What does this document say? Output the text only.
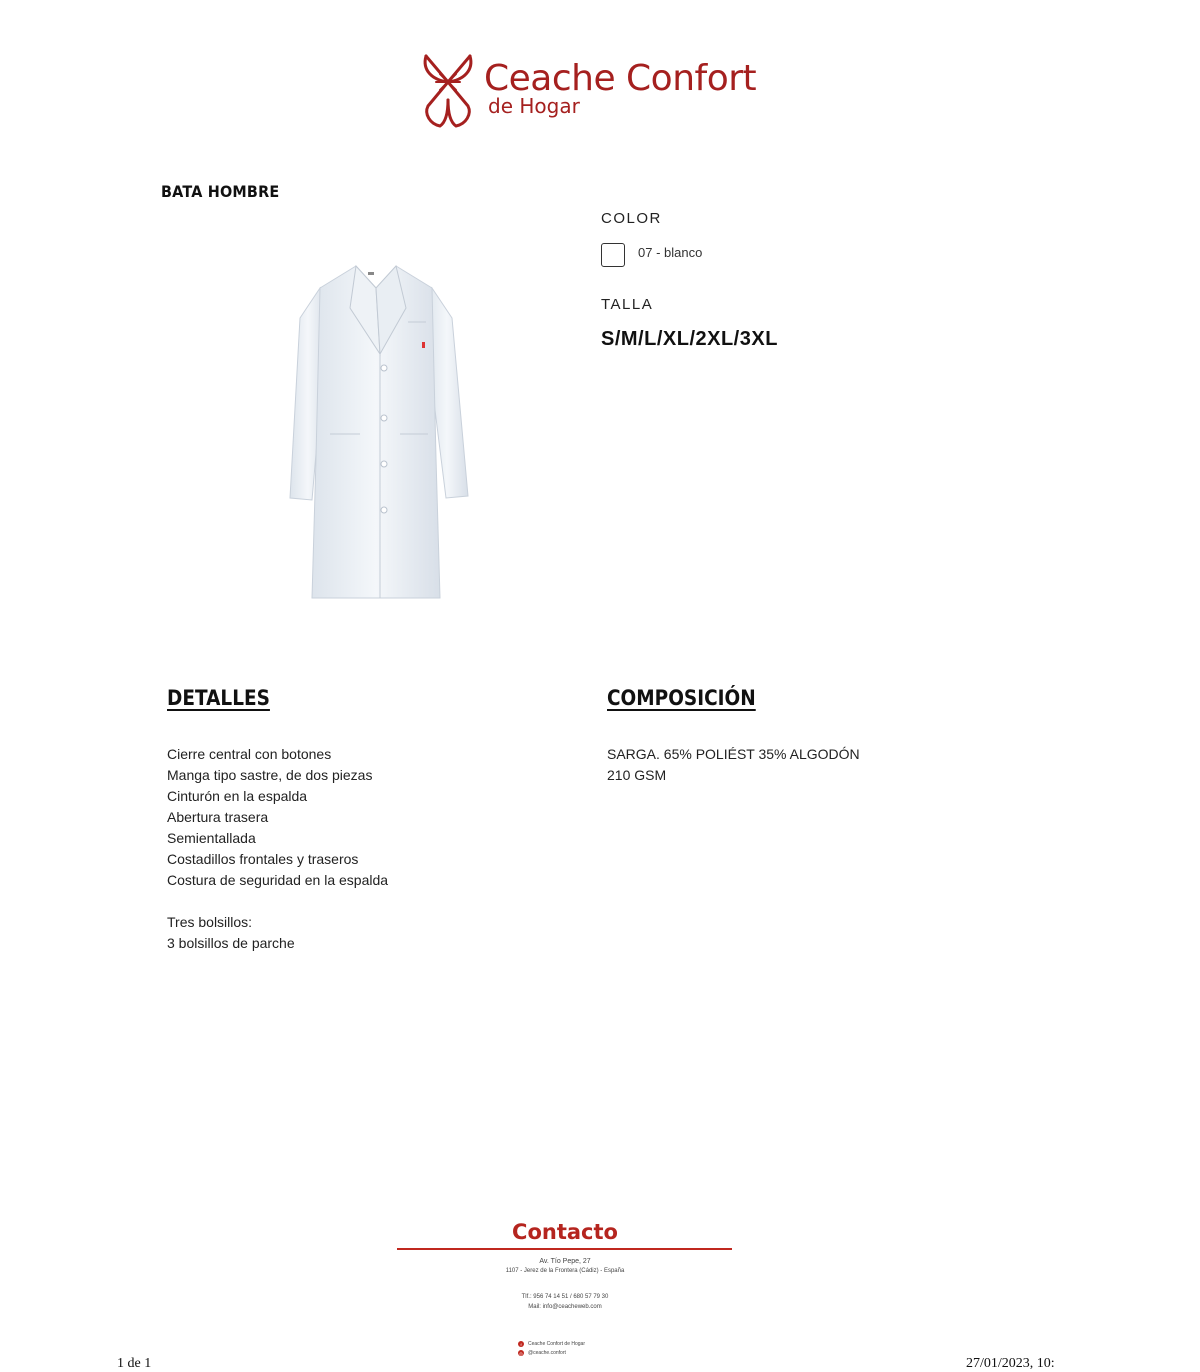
Ceache Confort
de Hogar
BATA HOMBRE
COLOR
07 - blanco
TALLA
S/M/L/XL/2XL/3XL
DETALLES
Cierre central con botones
Manga tipo sastre, de dos piezas
Cinturón en la espalda
Abertura trasera
Semientallada
Costadillos frontales y traseros
Costura de seguridad en la espalda
Tres bolsillos:
3 bolsillos de parche
COMPOSICIÓN
SARGA. 65% POLIÉST 35% ALGODÓN
210 GSM
Contacto
Av. Tío Pepe, 27
1107 - Jerez de la Frontera (Cádiz) - España
Tlf.: 956 74 14 51 / 680 57 79 30
Mail: info@ceacheweb.com
f	Ceache Confort de Hogar
◎ @ceache.confort
1 de 1	27/01/2023, 10:
